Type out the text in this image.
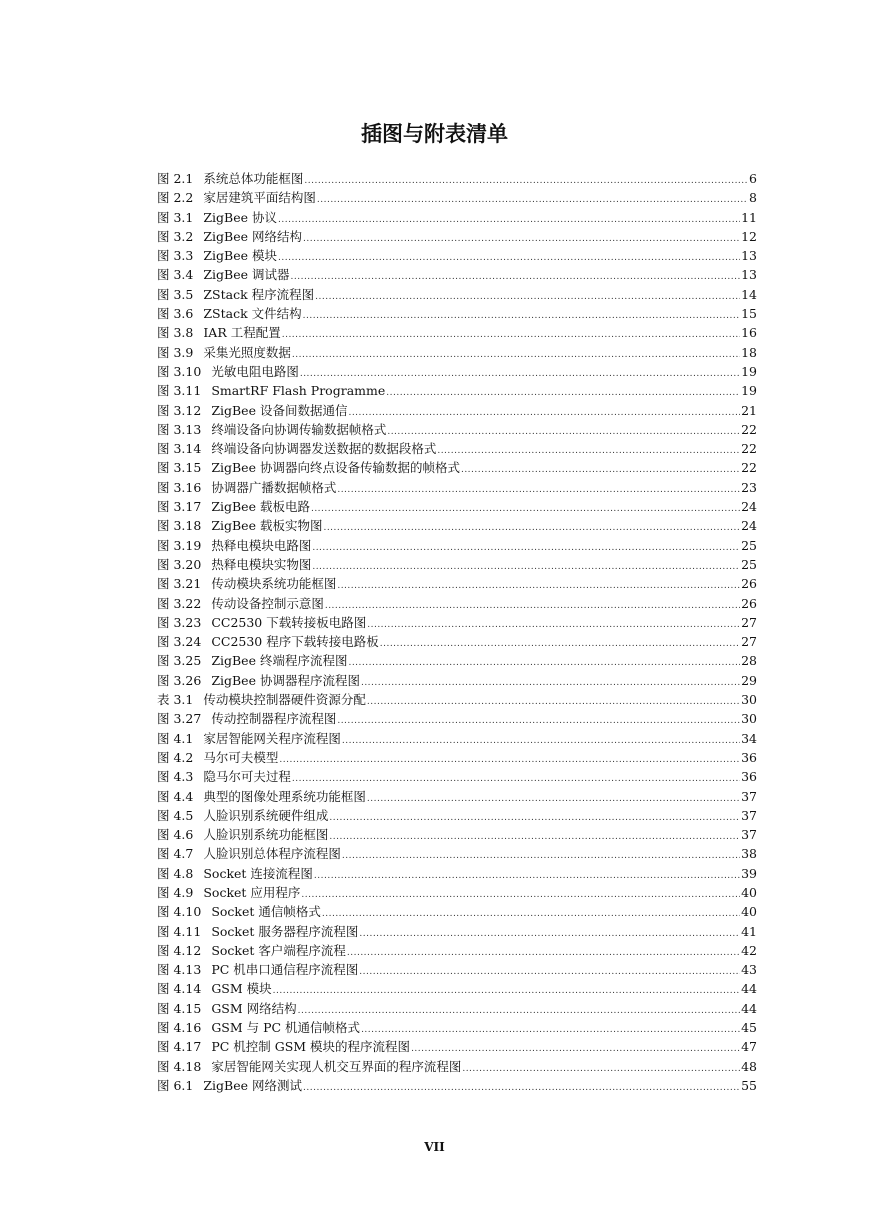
插图与附表清单
图 2.1 系统总体功能框图 .....	6
图 2.2 家居建筑平面结构图 .....	8
图 3.1 ZigBee 协议 .....	11
图 3.2 ZigBee 网络结构 .....	12
图 3.3 ZigBee 模块 .....	13
图 3.4 ZigBee 调试器 .....	13
图 3.5 ZStack 程序流程图 .....	14
图 3.6 ZStack 文件结构 .....	15
图 3.8 IAR 工程配置 .....	16
图 3.9 采集光照度数据 .....	18
图 3.10 光敏电阻电路图 .....	19
图 3.11 SmartRF Flash Programme .....	19
图 3.12 ZigBee 设备间数据通信 .....	21
图 3.13 终端设备向协调传输数据帧格式 .....	22
图 3.14 终端设备向协调器发送数据的数据段格式 .....	22
图 3.15 ZigBee 协调器向终点设备传输数据的帧格式 .....	22
图 3.16 协调器广播数据帧格式 .....	23
图 3.17 ZigBee 载板电路 .....	24
图 3.18 ZigBee 载板实物图 .....	24
图 3.19 热释电模块电路图 .....	25
图 3.20 热释电模块实物图 .....	25
图 3.21 传动模块系统功能框图 .....	26
图 3.22 传动设备控制示意图 .....	26
图 3.23 CC2530 下载转接板电路图 .....	27
图 3.24 CC2530 程序下载转接电路板 .....	27
图 3.25 ZigBee 终端程序流程图 .....	28
图 3.26 ZigBee 协调器程序流程图 .....	29
表 3.1 传动模块控制器硬件资源分配 .....	30
图 3.27 传动控制器程序流程图 .....	30
图 4.1 家居智能网关程序流程图 .....	34
图 4.2 马尔可夫模型 .....	36
图 4.3 隐马尔可夫过程 .....	36
图 4.4 典型的图像处理系统功能框图 .....	37
图 4.5 人脸识别系统硬件组成 .....	37
图 4.6 人脸识别系统功能框图 .....	37
图 4.7 人脸识别总体程序流程图 .....	38
图 4.8 Socket 连接流程图 .....	39
图 4.9 Socket 应用程序 .....	40
图 4.10 Socket 通信帧格式 .....	40
图 4.11 Socket 服务器程序流程图 .....	41
图 4.12 Socket 客户端程序流程 .....	42
图 4.13 PC 机串口通信程序流程图 .....	43
图 4.14 GSM 模块 .....	44
图 4.15 GSM 网络结构 .....	44
图 4.16 GSM 与 PC 机通信帧格式 .....	45
图 4.17 PC 机控制 GSM 模块的程序流程图 .....	47
图 4.18 家居智能网关实现人机交互界面的程序流程图 .....	48
图 6.1 ZigBee 网络测试 .....	55
VII
